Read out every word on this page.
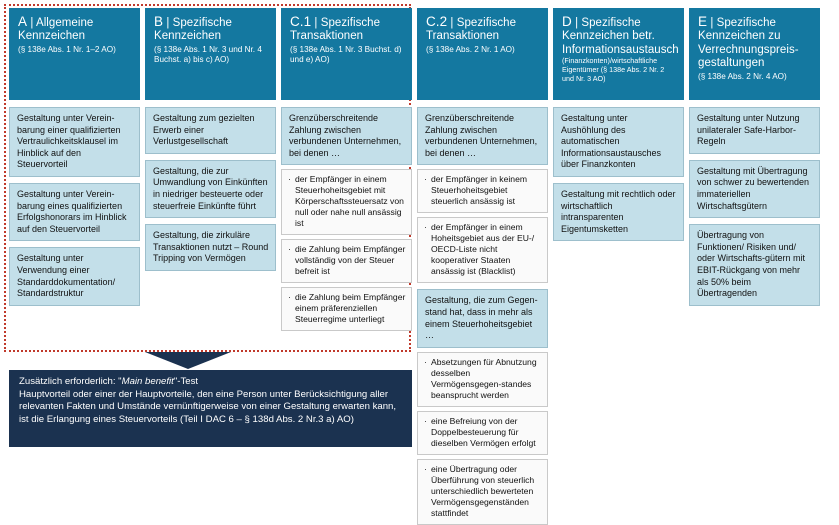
A | Allgemeine Kennzeichen
(§ 138e Abs. 1 Nr. 1–2 AO)
Gestaltung unter Verein-barung einer qualifizierten Vertraulichkeitsklausel im Hinblick auf den Steuervorteil
Gestaltung unter Verein-barung eines qualifizierten Erfolgshonorars im Hinblick auf den Steuervorteil
Gestaltung unter Verwendung einer Standarddokumentation/ Standardstruktur
B | Spezifische Kennzeichen
(§ 138e Abs. 1 Nr. 3 und Nr. 4 Buchst. a) bis c) AO)
Gestaltung zum gezielten Erwerb einer Verlustgesellschaft
Gestaltung, die zur Umwandlung von Einkünften in niedriger besteuerte oder steuerfreie Einkünfte führt
Gestaltung, die zirkuläre Transaktionen nutzt – Round Tripping von Vermögen
C.1 | Spezifische Transaktionen
(§ 138e Abs. 1 Nr. 3 Buchst. d) und e) AO)
Grenzüberschreitende Zahlung zwischen verbundenen Unternehmen, bei denen …
· der Empfänger in einem Steuerhoheitsgebiet mit Körperschaftssteuersatz von null oder nahe null ansässig ist
· die Zahlung beim Empfänger vollständig von der Steuer befreit ist
· die Zahlung beim Empfänger einem präferenziellen Steuerregime unterliegt
C.2 | Spezifische Transaktionen
(§ 138e Abs. 2 Nr. 1 AO)
Grenzüberschreitende Zahlung zwischen verbundenen Unternehmen, bei denen …
· der Empfänger in keinem Steuerhoheitsgebiet steuerlich ansässig ist
· der Empfänger in einem Hoheitsgebiet aus der EU-/ OECD-Liste nicht kooperativer Staaten ansässig ist (Blacklist)
Gestaltung, die zum Gegen-stand hat, dass in mehr als einem Steuerhoheitsgebiet …
· Absetzungen für Abnutzung desselben Vermögensgegen-standes beansprucht werden
· eine Befreiung von der Doppelbesteuerung für dieselben Vermögen erfolgt
· eine Übertragung oder Überführung von steuerlich unterschiedlich bewerteten Vermögensgegenständen stattfindet
D | Spezifische Kennzeichen betr. Informationsaustausch
(Finanzkonten)/wirtschaftliche Eigentümer (§ 138e Abs. 2 Nr. 2 und Nr. 3 AO)
Gestaltung unter Aushöhlung des automatischen Informationsaustausches über Finanzkonten
Gestaltung mit rechtlich oder wirtschaftlich intransparenten Eigentumsketten
E | Spezifische Kennzeichen zu Verrechnungspreis-gestaltungen
(§ 138e Abs. 2 Nr. 4 AO)
Gestaltung unter Nutzung unilateraler Safe-Harbor-Regeln
Gestaltung mit Übertragung von schwer zu bewertenden immateriellen Wirtschaftsgütern
Übertragung von Funktionen/ Risiken und/ oder Wirtschafts-gütern mit EBIT-Rückgang von mehr als 50% beim Übertragenden
Zusätzlich erforderlich: "Main benefit"-Test
Hauptvorteil oder einer der Hauptvorteile, den eine Person unter Berücksichtigung aller relevanten Fakten und Umstände vernünftigerweise von einer Gestaltung erwarten kann, ist die Erlangung eines Steuervorteils (Teil I DAC 6 – § 138d Abs. 2 Nr.3 a) AO)
